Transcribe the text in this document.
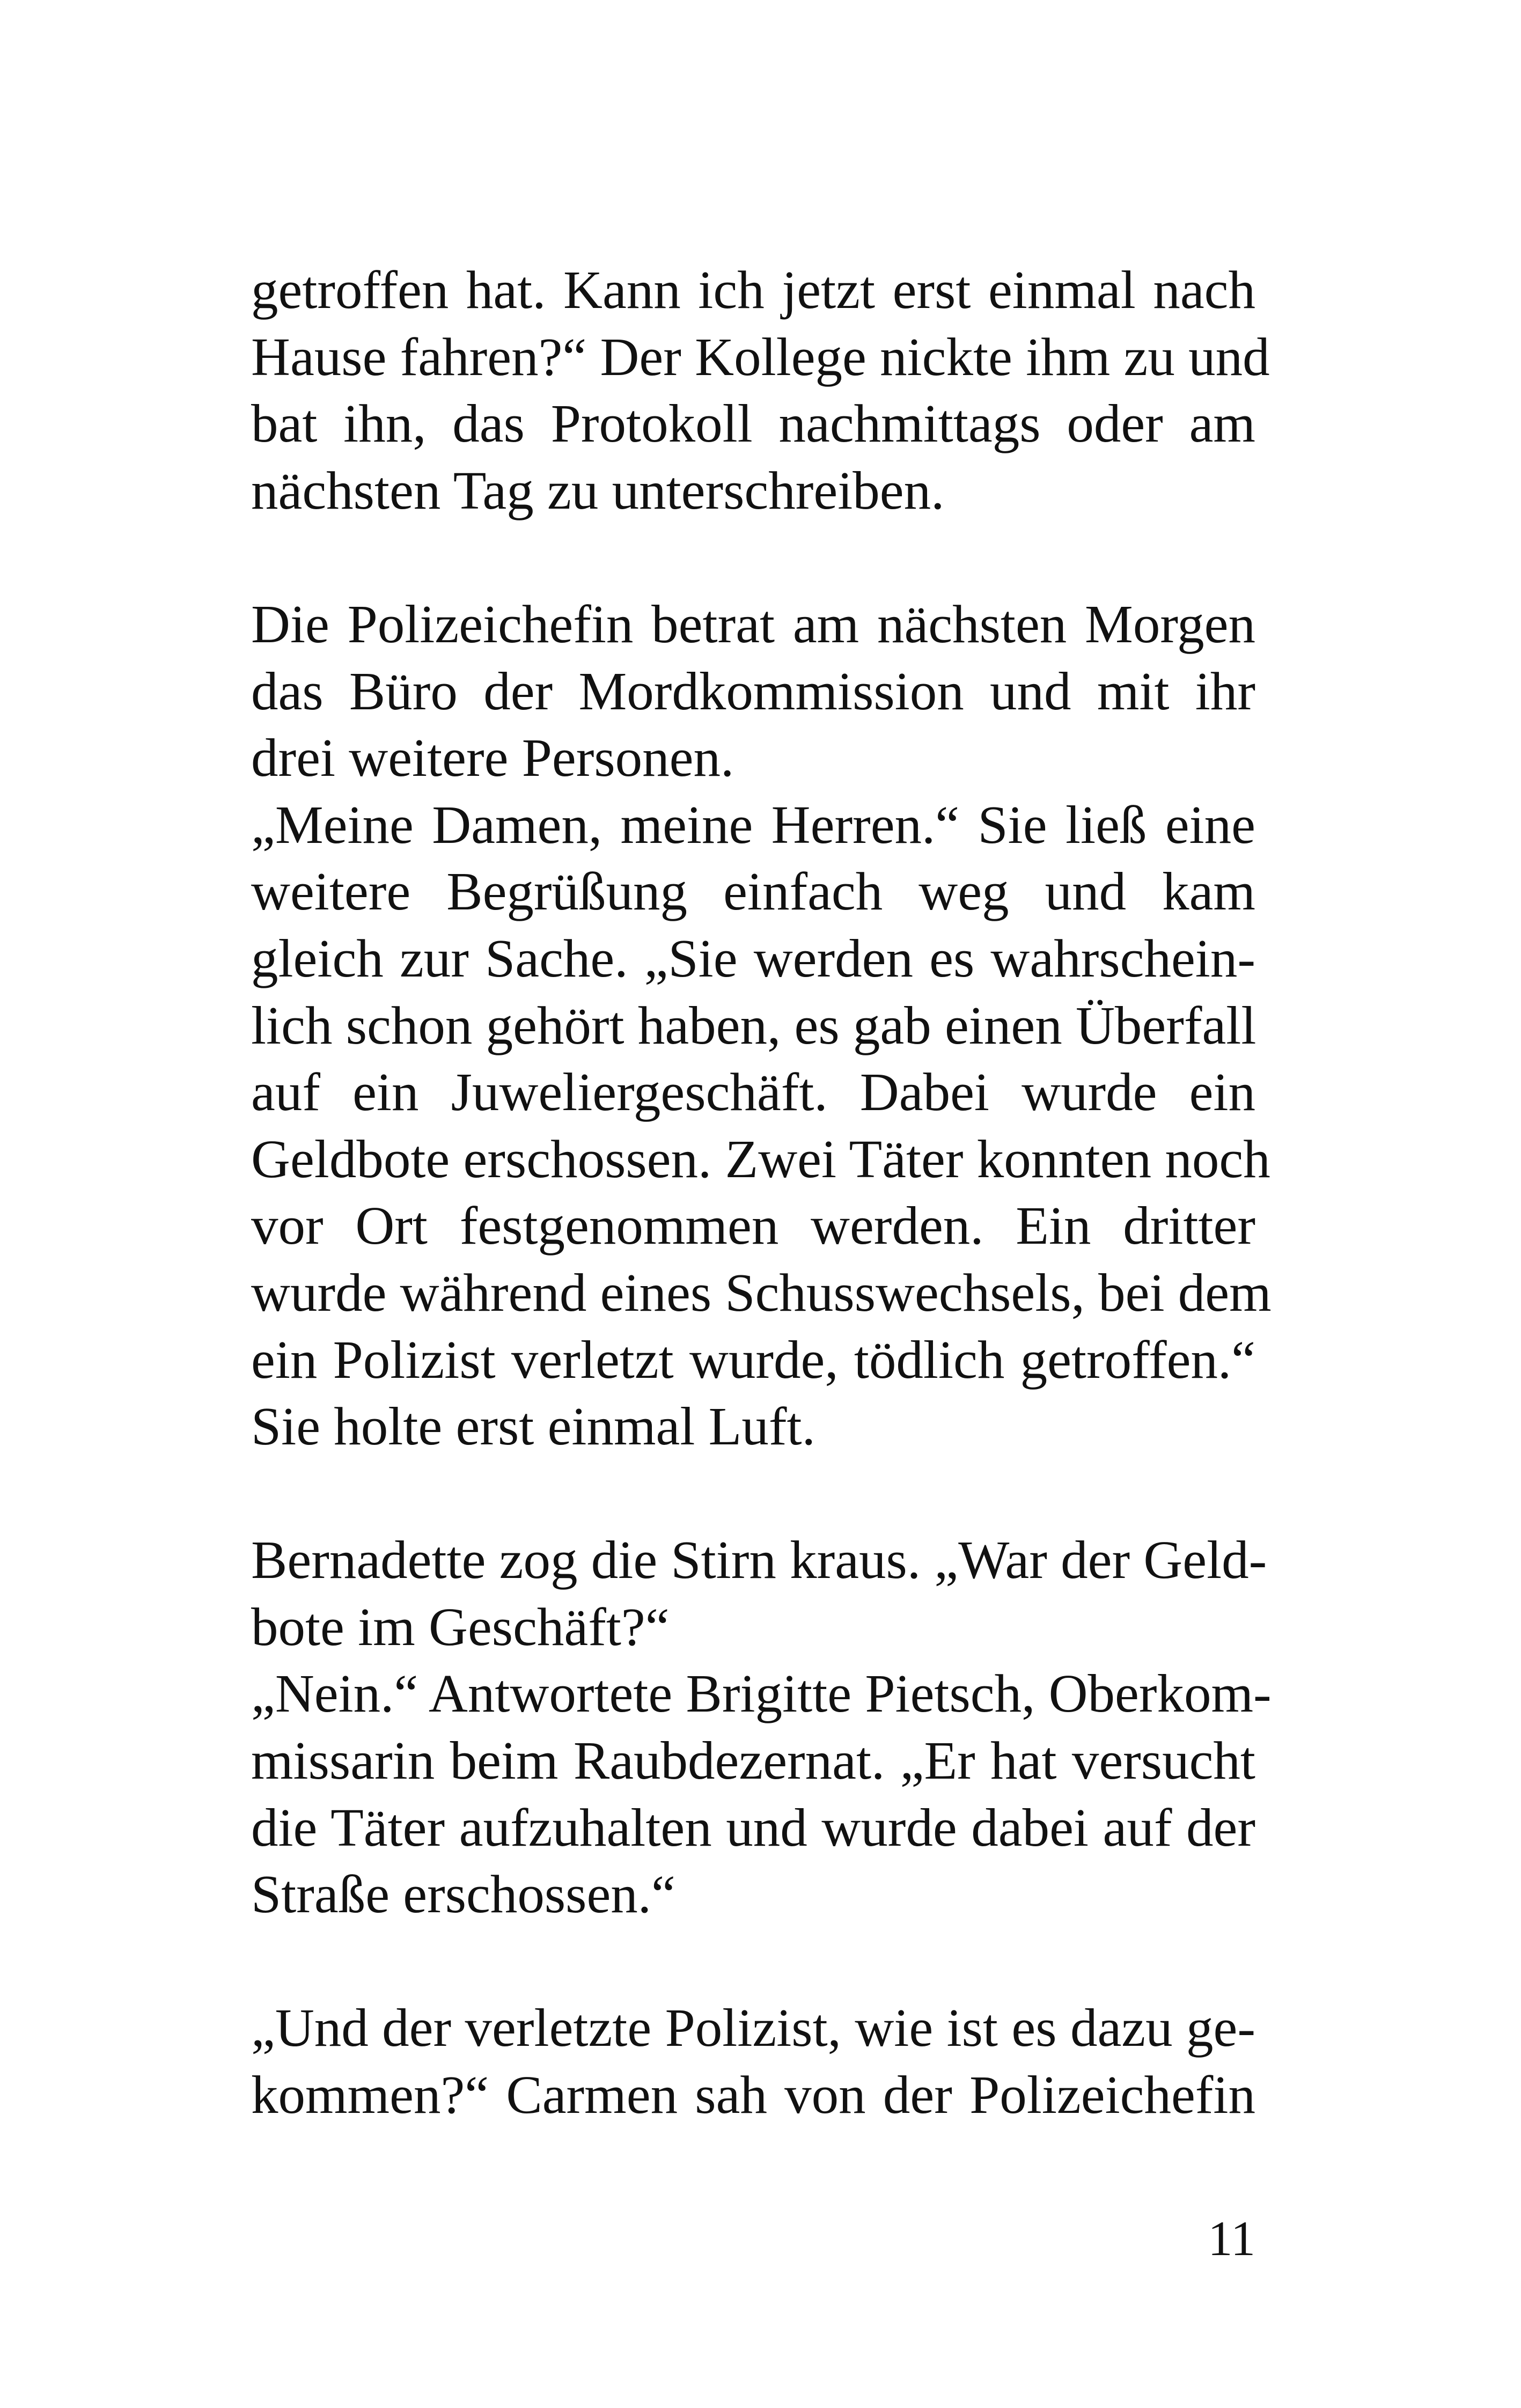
getroffen hat. Kann ich jetzt erst einmal nach
Hause fahren?“ Der Kollege nickte ihm zu und
bat ihn, das Protokoll nachmittags oder am
nächsten Tag zu unterschreiben.
Die Polizeichefin betrat am nächsten Morgen
das Büro der Mordkommission und mit ihr
drei weitere Personen.
„Meine Damen, meine Herren.“ Sie ließ eine
weitere Begrüßung einfach weg und kam
gleich zur Sache. „Sie werden es wahrschein-
lich schon gehört haben, es gab einen Überfall
auf ein Juweliergeschäft. Dabei wurde ein
Geldbote erschossen. Zwei Täter konnten noch
vor Ort festgenommen werden. Ein dritter
wurde während eines Schusswechsels, bei dem
ein Polizist verletzt wurde, tödlich getroffen.“
Sie holte erst einmal Luft.
Bernadette zog die Stirn kraus. „War der Geld-
bote im Geschäft?“
„Nein.“ Antwortete Brigitte Pietsch, Oberkom-
missarin beim Raubdezernat. „Er hat versucht
die Täter aufzuhalten und wurde dabei auf der
Straße erschossen.“
„Und der verletzte Polizist, wie ist es dazu ge-
kommen?“ Carmen sah von der Polizeichefin
11
